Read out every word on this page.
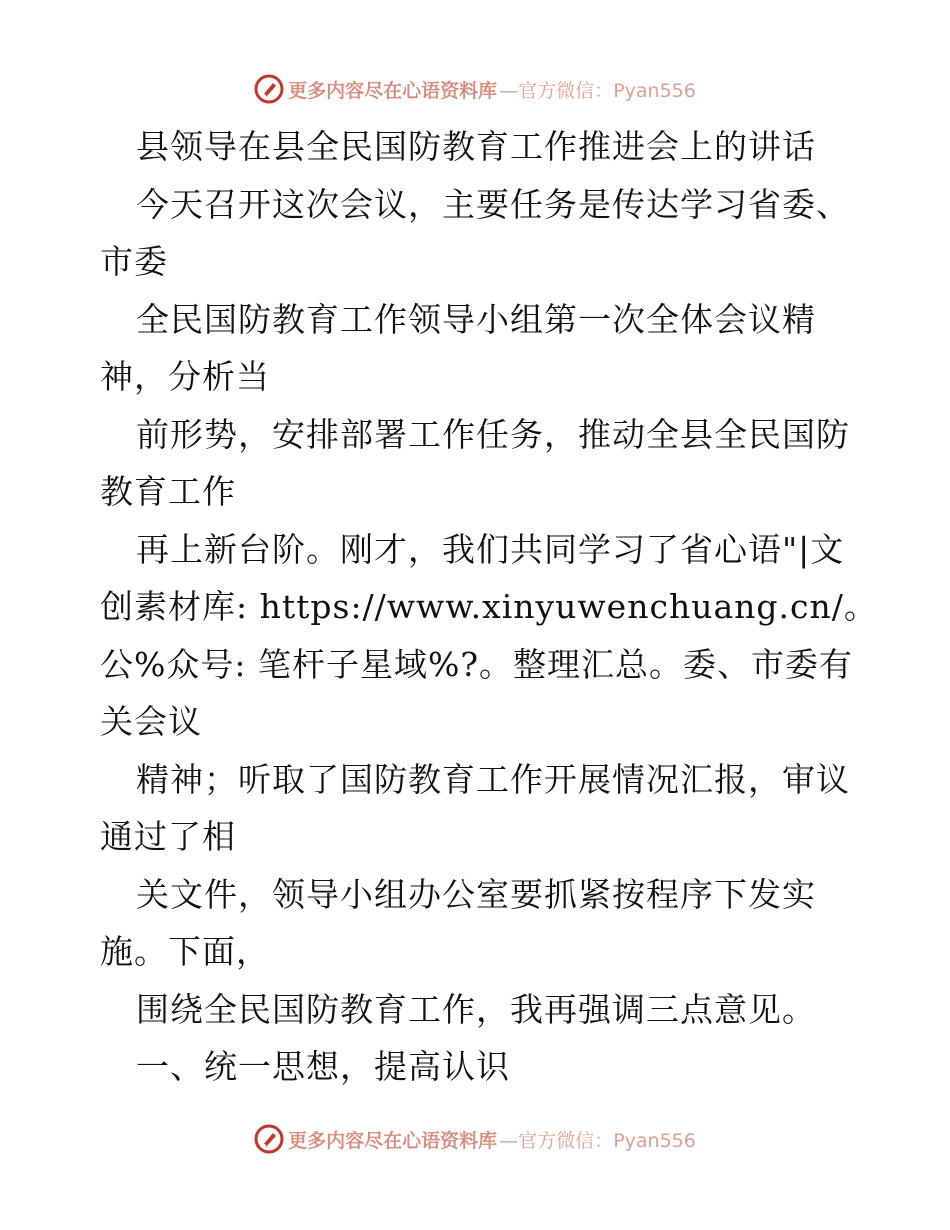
更多内容尽在心语资料库 — 官方微信：Pyan556
县领导在县全民国防教育工作推进会上的讲话
今天召开这次会议，主要任务是传达学习省委、
市委
全民国防教育工作领导小组第一次全体会议精
神，分析当
前形势，安排部署工作任务，推动全县全民国防
教育工作
再上新台阶。刚才，我们共同学习了省心语"|文
创素材库: https://www.xinyuwenchuang.cn/。
公%众号: 笔杆子星域%?。整理汇总。委、市委有
关会议
精神；听取了国防教育工作开展情况汇报，审议
通过了相
关文件，领导小组办公室要抓紧按程序下发实
施。下面，
围绕全民国防教育工作，我再强调三点意见。
一、统一思想，提高认识
更多内容尽在心语资料库 — 官方微信：Pyan556
